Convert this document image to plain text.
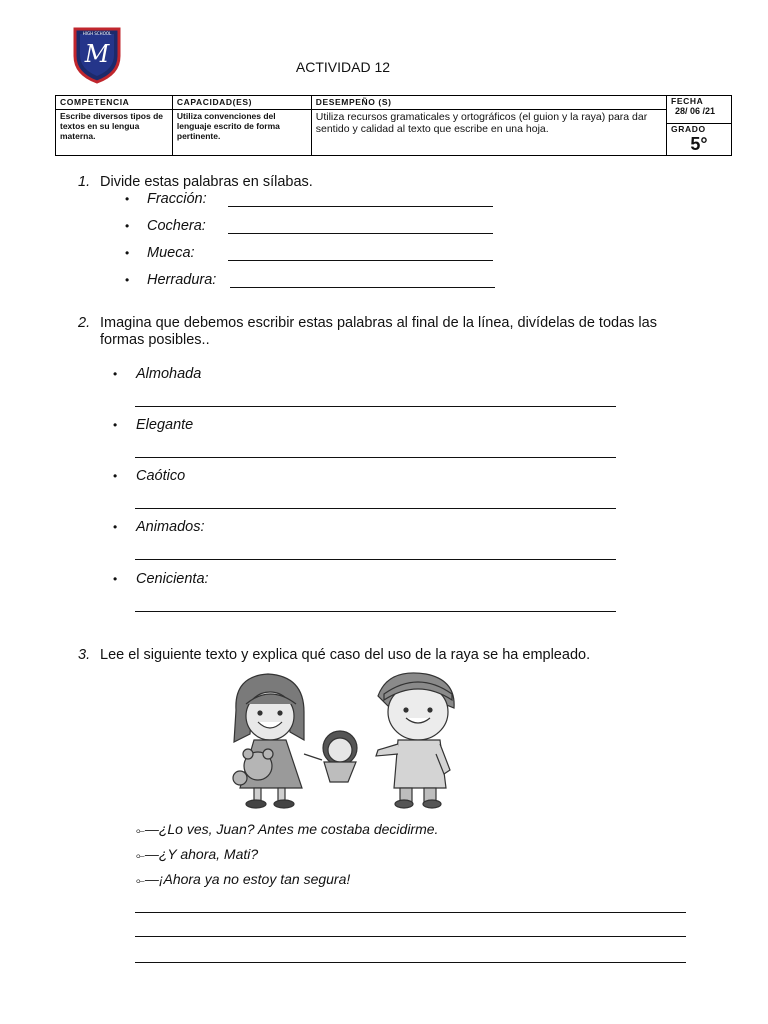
M
HIGH SCHOOL
ACTIVIDAD 12
COMPETENCIA	CAPACIDAD(ES)	DESEMPEÑO (S)	FECHA
28/ 06 /21
GRADO
5°

Escribe diversos tipos de textos en su lengua materna.	Utiliza convenciones del lenguaje escrito de forma pertinente.	Utiliza recursos gramaticales y ortográficos (el guion y la raya) para dar sentido y calidad al texto que escribe en una hoja.	
1. Divide estas palabras en sílabas.
• Fracción:
• Cochera:
• Mueca:
• Herradura:
2. Imagina que debemos escribir estas palabras al final de la línea, divídelas de todas las
formas posibles..
• Almohada
• Elegante
• Caótico
• Animados:
• Cenicienta:
3. Lee el siguiente texto y explica qué caso del uso de la raya se ha empleado.
⟜—¿Lo ves, Juan? Antes me costaba decidirme.
⟜—¿Y ahora, Mati?
⟜—¡Ahora ya no estoy tan segura!
